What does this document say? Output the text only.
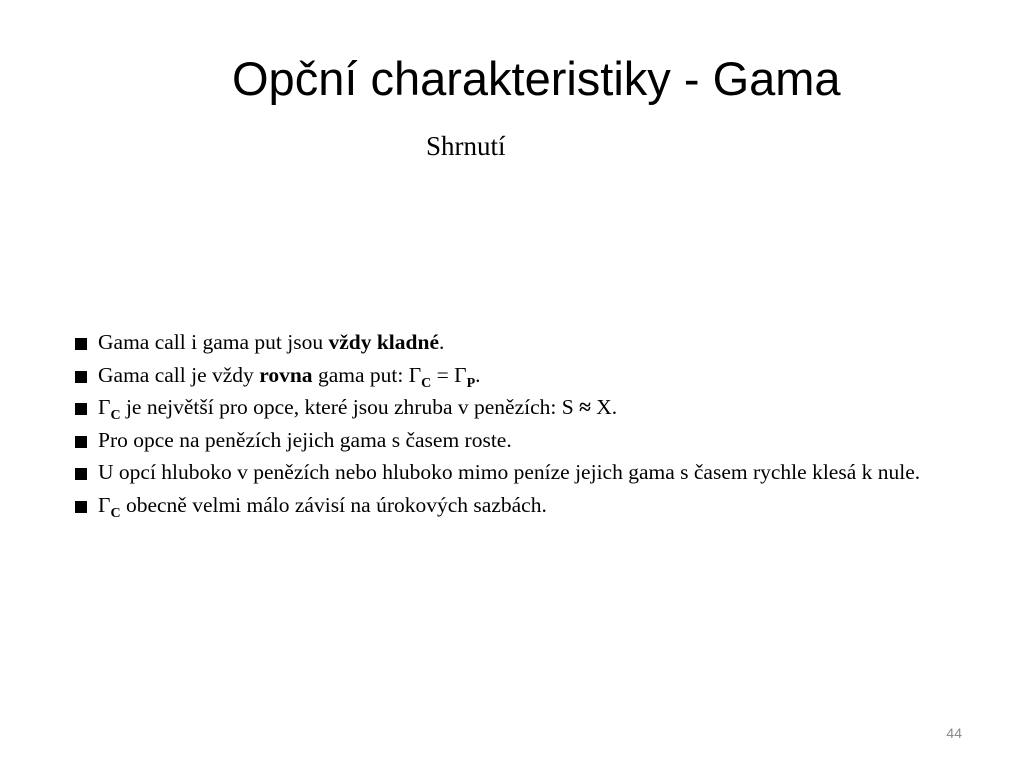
Opční charakteristiky - Gama
Shrnutí
Gama call i gama put jsou vždy kladné.
Gama call je vždy rovna gama put: $\Gamma_C = \Gamma_P$.
$\Gamma_C$ je největší pro opce, které jsou zhruba v penězích: S ≈ X.
Pro opce na penězích jejich gama s časem roste.
U opcí hluboko v penězích nebo hluboko mimo peníze jejich gama s časem rychle klesá k nule.
$\Gamma_C$ obecně velmi málo závisí na úrokových sazbách.
44
